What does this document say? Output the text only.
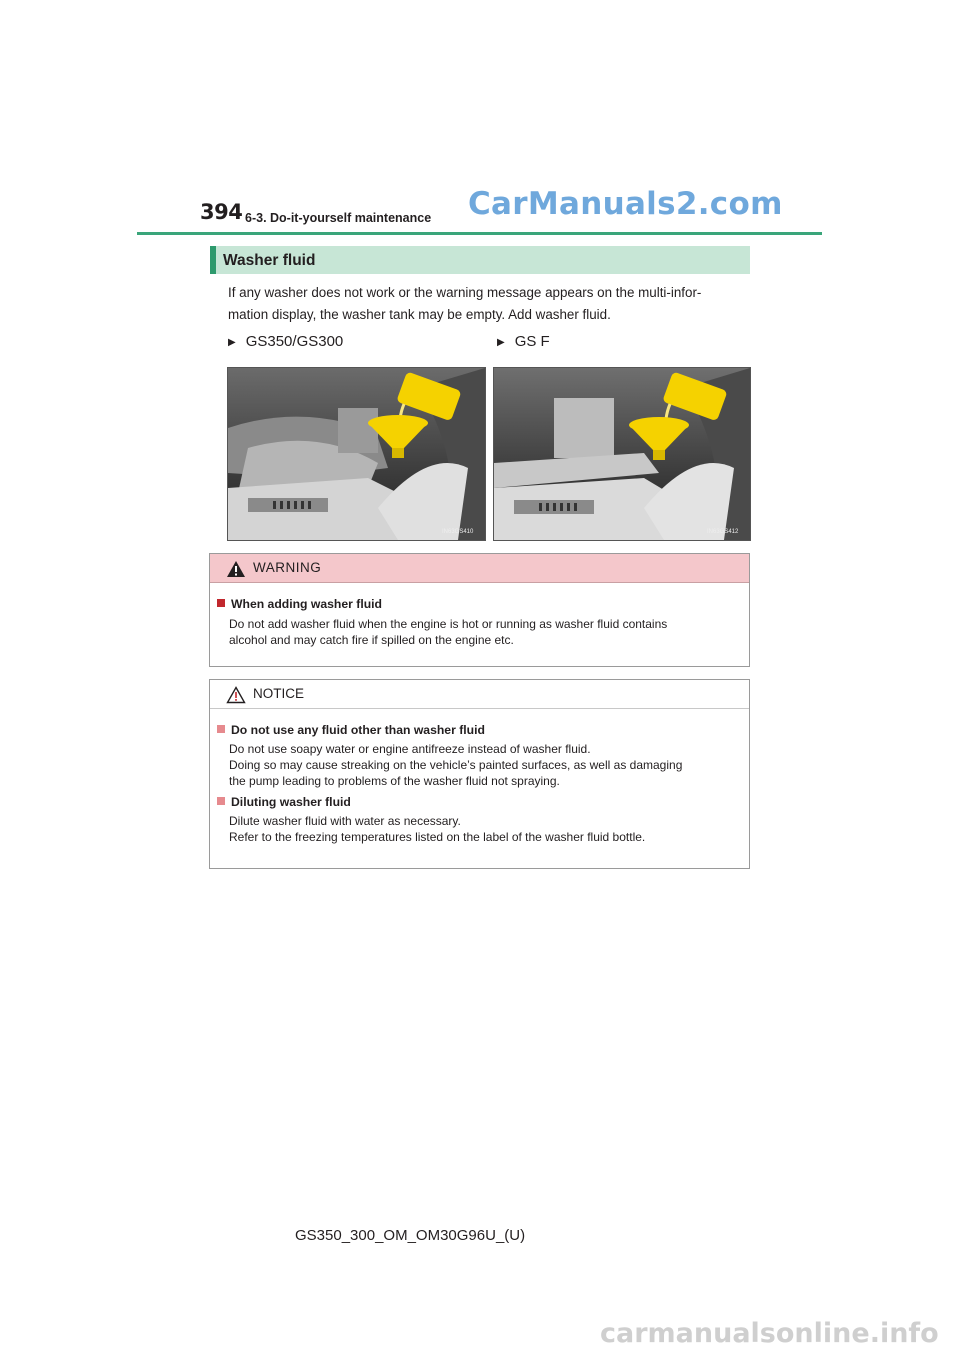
394 6-3. Do-it-yourself maintenance CarManuals2.com
Washer fluid
If any washer does not work or the warning message appears on the multi-infor-
mation display, the washer tank may be empty. Add washer fluid.
▶ GS350/GS300	▶ GS F
IN63GS410	IN63GS412
WARNING
When adding washer fluid
Do not add washer fluid when the engine is hot or running as washer fluid contains
alcohol and may catch fire if spilled on the engine etc.
NOTICE
Do not use any fluid other than washer fluid
Do not use soapy water or engine antifreeze instead of washer fluid.
Doing so may cause streaking on the vehicle’s painted surfaces, as well as damaging
the pump leading to problems of the washer fluid not spraying.
Diluting washer fluid
Dilute washer fluid with water as necessary.
Refer to the freezing temperatures listed on the label of the washer fluid bottle.
GS350_300_OM_OM30G96U_(U)
carmanualsonline.info
